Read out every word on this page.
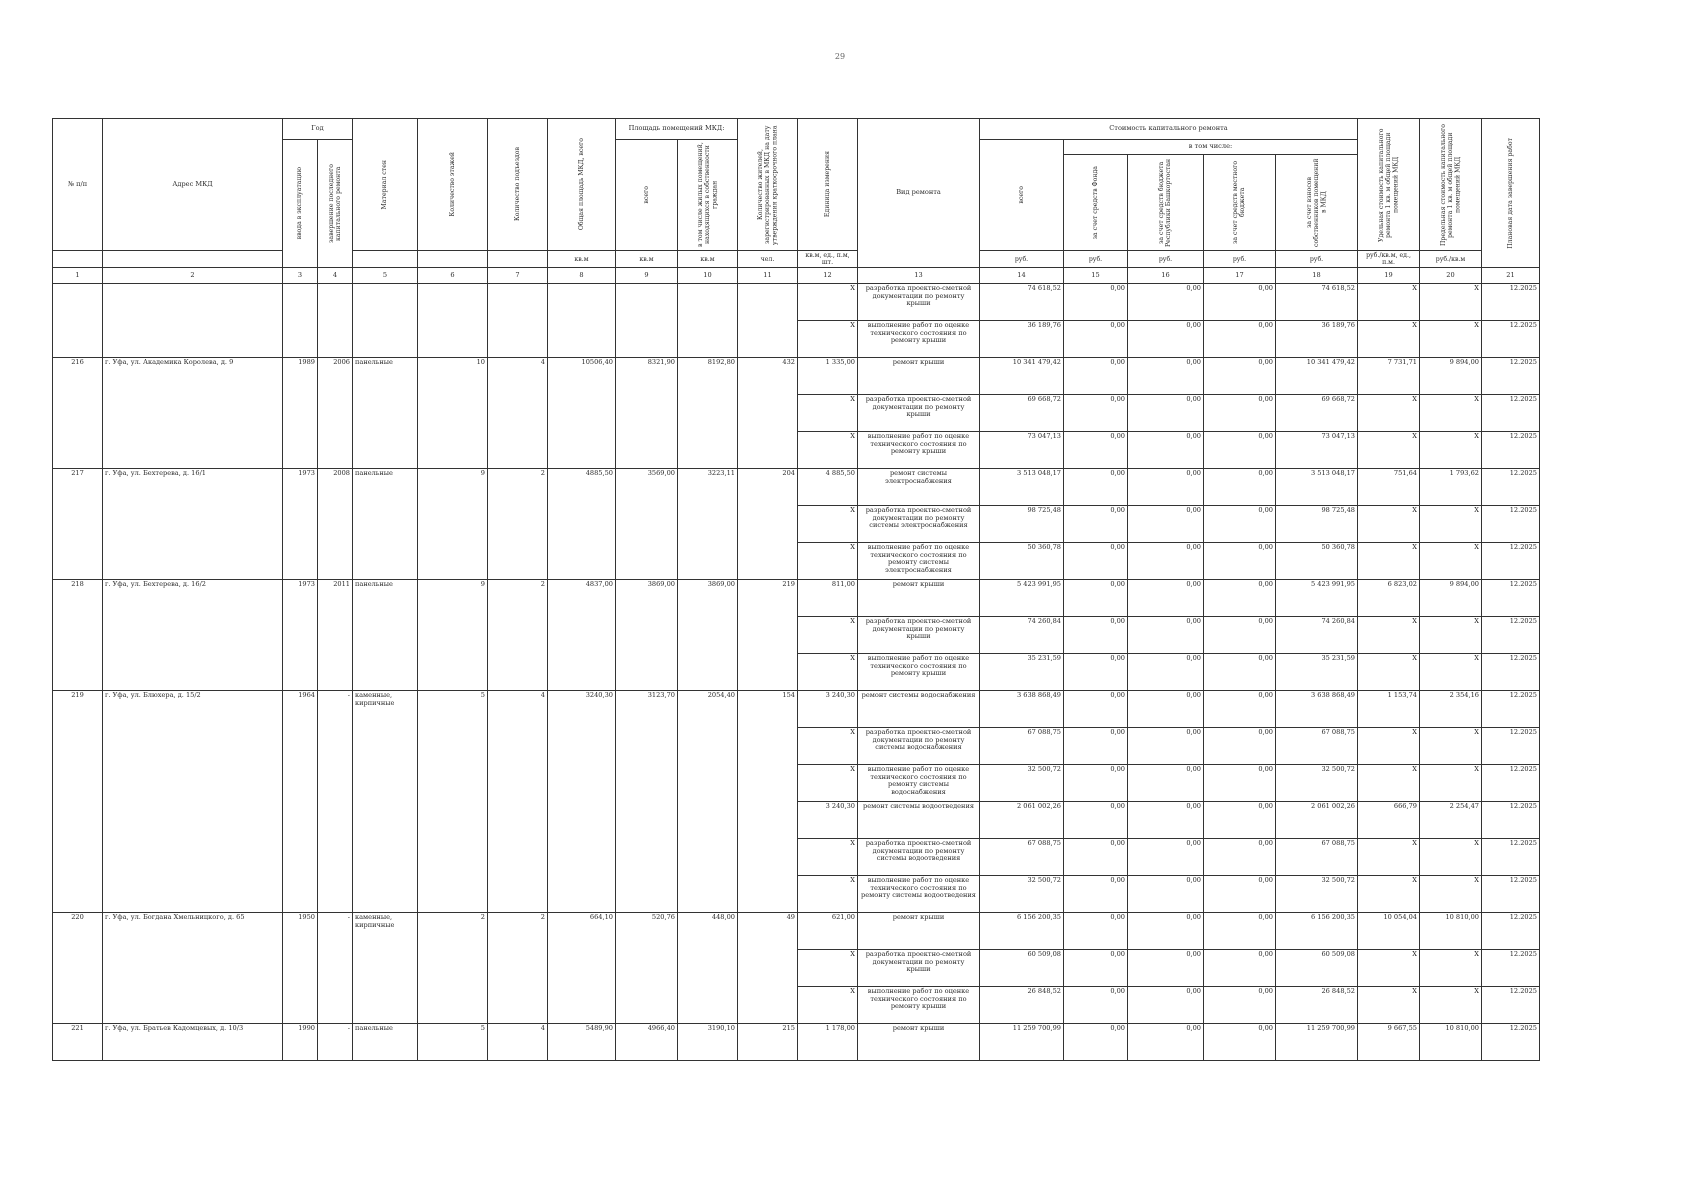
29
№ п/п	Адрес МКД	Год		Материал стен	Количество этажей	Количество подъездов	Общая площадь МКД, всего	Площадь помещений МКД:		Количество жителей, зарегистрированных в МКД на дату утверждения краткосрочного плана	Единица измерения	Вид ремонта	Стоимость капитального ремонта					Удельная стоимость капитального ремонта 1 кв. м общей площади помещений МКД	Предельная стоимость капитального ремонта 1 кв. м общей площади помещений МКД	Плановая дата завершения работ

		ввода в эксплуатацию	завершение последнего капитального ремонта					всего	в том числе жилых помещений, находящихся в собственности граждан				всего	в том числе:						

														за счет средств Фонда	за счет средств бюджета Республики Башкортостан	за счет средств местного бюджета	за счет взносов собственников помещений в МКД			

							кв.м	кв.м	кв.м	чел.	кв.м, ед., п.м, шт.		руб.	руб.	руб.	руб.	руб.	руб./кв.м, ед., п.м.	руб./кв.м	
1	2	3	4	5	6	7	8	9	10	11	12	13	14	15	16	17	18	19	20	21
											X	разработка проектно-сметной документации по ремонту крыши	74 618,52	0,00	0,00	0,00	74 618,52	X	X	12.2025
											X	выполнение работ по оценке технического состояния по ремонту крыши	36 189,76	0,00	0,00	0,00	36 189,76	X	X	12.2025
216	г. Уфа, ул. Академика Королева, д. 9	1989	2006	панельные	10	4	10506,40	8321,90	8192,80	432	1 335,00	ремонт крыши	10 341 479,42	0,00	0,00	0,00	10 341 479,42	7 731,71	9 894,00	12.2025
											X	разработка проектно-сметной документации по ремонту крыши	69 668,72	0,00	0,00	0,00	69 668,72	X	X	12.2025
											X	выполнение работ по оценке технического состояния по ремонту крыши	73 047,13	0,00	0,00	0,00	73 047,13	X	X	12.2025
217	г. Уфа, ул. Бехтерева, д. 16/1	1973	2008	панельные	9	2	4885,50	3569,00	3223,11	204	4 885,50	ремонт системы электроснабжения	3 513 048,17	0,00	0,00	0,00	3 513 048,17	751,64	1 793,62	12.2025
											X	разработка проектно-сметной документации по ремонту системы электроснабжения	98 725,48	0,00	0,00	0,00	98 725,48	X	X	12.2025
											X	выполнение работ по оценке технического состояния по ремонту системы электроснабжения	50 360,78	0,00	0,00	0,00	50 360,78	X	X	12.2025
218	г. Уфа, ул. Бехтерева, д. 16/2	1973	2011	панельные	9	2	4837,00	3869,00	3869,00	219	811,00	ремонт крыши	5 423 991,95	0,00	0,00	0,00	5 423 991,95	6 823,02	9 894,00	12.2025
											X	разработка проектно-сметной документации по ремонту крыши	74 260,84	0,00	0,00	0,00	74 260,84	X	X	12.2025
											X	выполнение работ по оценке технического состояния по ремонту крыши	35 231,59	0,00	0,00	0,00	35 231,59	X	X	12.2025
219	г. Уфа, ул. Блюхера, д. 15/2	1964	-	каменные, кирпичные	5	4	3240,30	3123,70	2054,40	154	3 240,30	ремонт системы водоснабжения	3 638 868,49	0,00	0,00	0,00	3 638 868,49	1 153,74	2 354,16	12.2025
											X	разработка проектно-сметной документации по ремонту системы водоснабжения	67 088,75	0,00	0,00	0,00	67 088,75	X	X	12.2025
											X	выполнение работ по оценке технического состояния по ремонту системы водоснабжения	32 500,72	0,00	0,00	0,00	32 500,72	X	X	12.2025
											3 240,30	ремонт системы водоотведения	2 061 002,26	0,00	0,00	0,00	2 061 002,26	666,79	2 254,47	12.2025
											X	разработка проектно-сметной документации по ремонту системы водоотведения	67 088,75	0,00	0,00	0,00	67 088,75	X	X	12.2025
											X	выполнение работ по оценке технического состояния по ремонту системы водоотведения	32 500,72	0,00	0,00	0,00	32 500,72	X	X	12.2025
220	г. Уфа, ул. Богдана Хмельницкого, д. 65	1950	-	каменные, кирпичные	2	2	664,10	520,76	448,00	49	621,00	ремонт крыши	6 156 200,35	0,00	0,00	0,00	6 156 200,35	10 054,04	10 810,00	12.2025
											X	разработка проектно-сметной документации по ремонту крыши	60 509,08	0,00	0,00	0,00	60 509,08	X	X	12.2025
											X	выполнение работ по оценке технического состояния по ремонту крыши	26 848,52	0,00	0,00	0,00	26 848,52	X	X	12.2025
221	г. Уфа, ул. Братьев Кадомцевых, д. 10/3	1990	-	панельные	5	4	5489,90	4966,40	3190,10	215	1 178,00	ремонт крыши	11 259 700,99	0,00	0,00	0,00	11 259 700,99	9 667,55	10 810,00	12.2025
